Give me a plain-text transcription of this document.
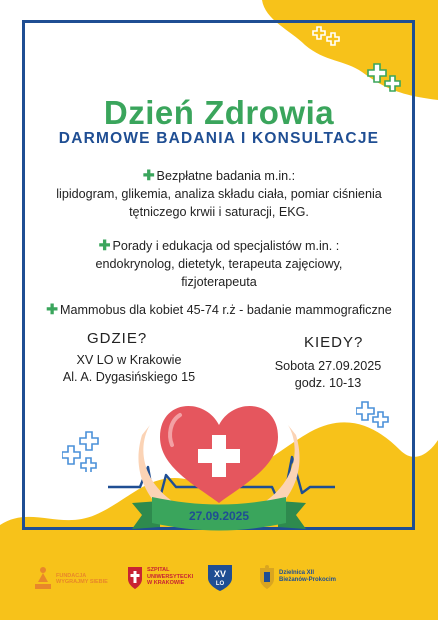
Dzień Zdrowia
DARMOWE BADANIA I KONSULTACJE
✚ Bezpłatne badania m.in.:
lipidogram, glikemia, analiza składu ciała, pomiar ciśnienia
tętniczego krwii i saturacji, EKG.
✚ Porady i edukacja od specjalistów m.in. :
endokrynolog, dietetyk, terapeuta zajęciowy,
fizjoterapeuta
✚ Mammobus dla kobiet 45-74 r.ż - badanie mammograficzne
GDZIE?
XV LO w Krakowie
Al. A. Dygasińskiego 15
KIEDY?
Sobota 27.09.2025
godz. 10-13
27.09.2025
FUNDACJA
WYGRAJMY SIEBIE
SZPITAL
UNIWERSYTECKI
W KRAKOWIE
XV
LO
Dzielnica XII
Bieżanów-Prokocim
